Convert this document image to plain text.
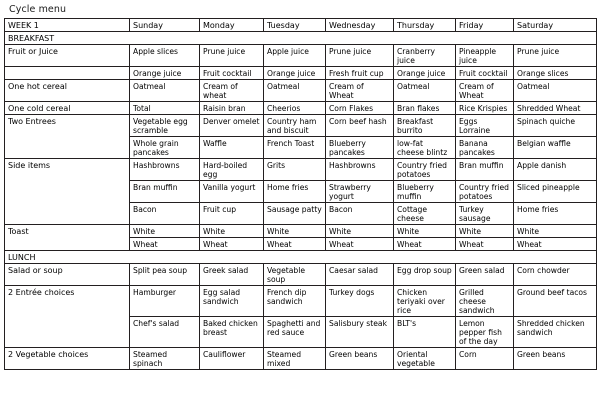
Cycle menu
WEEK 1	Sunday	Monday	Tuesday	Wednesday	Thursday	Friday	Saturday
BREAKFAST							
Fruit or Juice	Apple slices	Prune juice	Apple juice	Prune juice	Cranberry juice	Pineapple juice	Prune juice
	Orange juice	Fruit cocktail	Orange juice	Fresh fruit cup	Orange juice	Fruit cocktail	Orange slices
One hot cereal	Oatmeal	Cream of wheat	Oatmeal	Cream of Wheat	Oatmeal	Cream of Wheat	Oatmeal
One cold cereal	Total	Raisin bran	Cheerios	Corn Flakes	Bran flakes	Rice Krispies	Shredded Wheat
Two Entrees	Vegetable egg scramble	Denver omelet	Country ham and biscuit	Corn beef hash	Breakfast burrito	Eggs Lorraine	Spinach quiche
	Whole grain pancakes	Waffle	French Toast	Blueberry pancakes	low-fat cheese blintz	Banana pancakes	Belgian waffle
Side items	Hashbrowns	Hard-boiled egg	Grits	Hashbrowns	Country fried potatoes	Bran muffin	Apple danish
	Bran muffin	Vanilla yogurt	Home fries	Strawberry yogurt	Blueberry muffin	Country fried potatoes	Sliced pineapple
	Bacon	Fruit cup	Sausage patty	Bacon	Cottage cheese	Turkey sausage	Home fries
Toast	White	White	White	White	White	White	White
	Wheat	Wheat	Wheat	Wheat	Wheat	Wheat	Wheat
LUNCH							
Salad or soup	Split pea soup	Greek salad	Vegetable soup	Caesar salad	Egg drop soup	Green salad	Corn chowder
2 Entrée choices	Hamburger	Egg salad sandwich	French dip sandwich	Turkey dogs	Chicken teriyaki over rice	Grilled cheese sandwich	Ground beef tacos
	Chef's salad	Baked chicken breast	Spaghetti and red sauce	Salisbury steak	BLT's	Lemon pepper fish of the day	Shredded chicken sandwich
2 Vegetable choices	Steamed spinach	Cauliflower	Steamed mixed	Green beans	Oriental vegetable	Corn	Green beans
